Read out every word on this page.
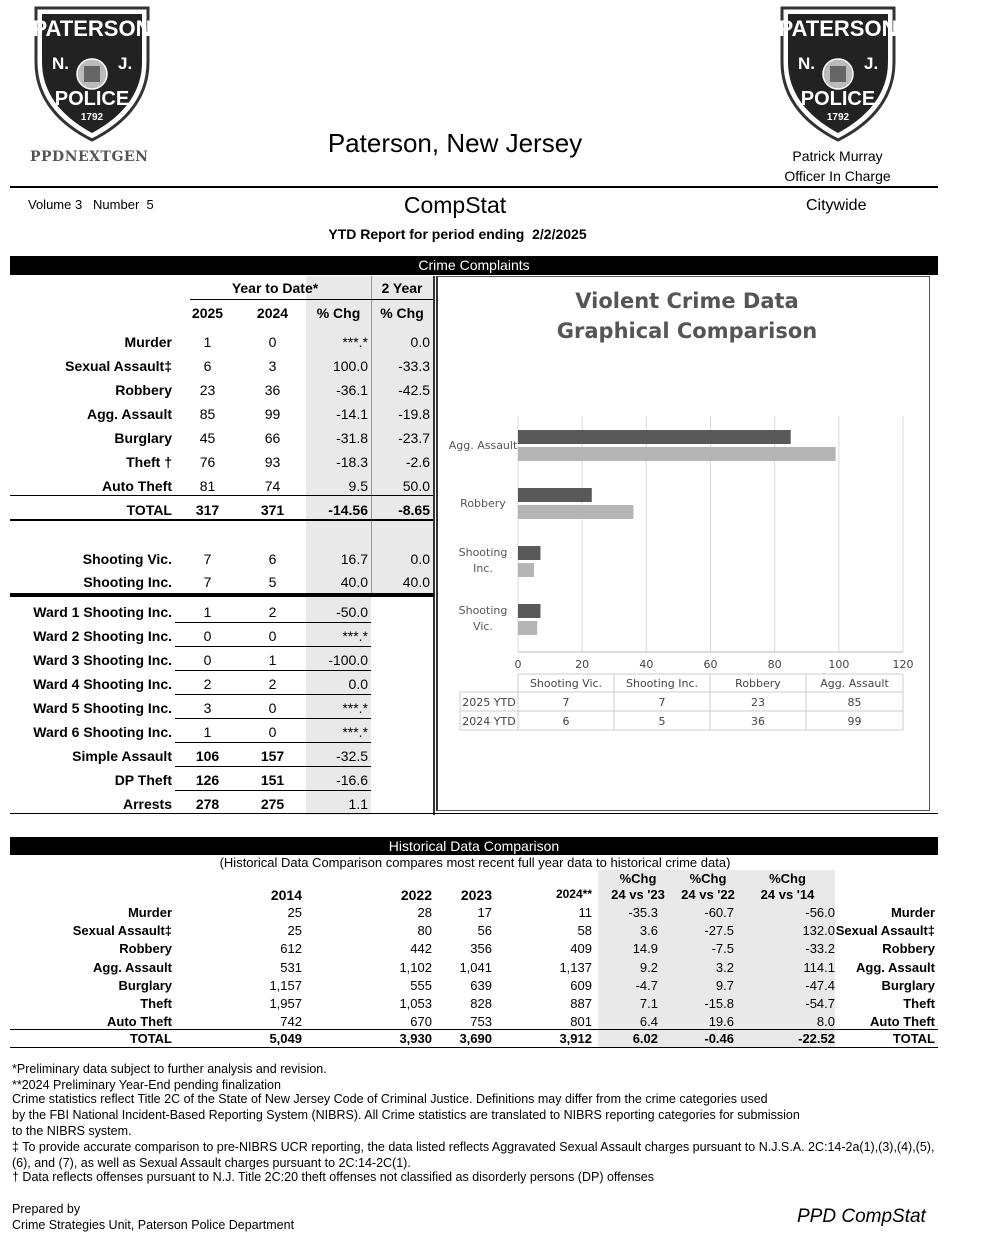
PATERSON
N.	J.
POLICE
1792
PATERSON
N.	J.
POLICE
1792
PPDNEXTGEN	Paterson, New Jersey	Patrick Murray
Officer In Charge
Volume 3   Number  5	CompStat	Citywide
YTD Report for period ending  2/2/2025
Crime Complaints
Year to Date*	2 Year
2025	2024	% Chg	% Chg
Murder	1	0	***.*	0.0
Sexual Assault‡	6	3	100.0	-33.3
Robbery	23	36	-36.1	-42.5
Agg. Assault	85	99	-14.1	-19.8
Burglary	45	66	-31.8	-23.7
Theft †	76	93	-18.3	-2.6
Auto Theft	81	74	9.5	50.0
TOTAL	317	371	-14.56	-8.65
Shooting Vic.	7	6	16.7	0.0
Shooting Inc.	7	5	40.0	40.0
Ward 1 Shooting Inc.	1	2	-50.0
Ward 2 Shooting Inc.	0	0	***.*
Ward 3 Shooting Inc.	0	1	-100.0
Ward 4 Shooting Inc.	2	2	0.0
Ward 5 Shooting Inc.	3	0	***.*
Ward 6 Shooting Inc.	1	0	***.*
Simple Assault	106	157	-32.5
DP Theft	126	151	-16.6
Arrests	278	275	1.1
Violent Crime Data
Graphical Comparison
0	20	40	60	80	100	120
Agg. Assault
Robbery
Shooting
Inc.
Shooting
Vic.
Shooting Vic. Shooting Inc.	Robbery	Agg. Assault
2025 YTD	7	7	23	85
2024 YTD	6	5	36	99
Historical Data Comparison
(Historical Data Comparison compares most recent full year data to historical crime data)
%Chg
24 vs '23
%Chg
24 vs '22
%Chg
24 vs '14
2014	2022	2023	2024**
Murder	25	28	17	11	-35.3	-60.7	-56.0	Murder
Sexual Assault‡	25	80	56	58	3.6	-27.5	132.0 Sexual Assault‡
Robbery	612	442	356	409	14.9	-7.5	-33.2	Robbery
Agg. Assault	531	1,102	1,041	1,137	9.2	3.2	114.1	Agg. Assault
Burglary	1,157	555	639	609	-4.7	9.7	-47.4	Burglary
Theft	1,957	1,053	828	887	7.1	-15.8	-54.7	Theft
Auto Theft	742	670	753	801	6.4	19.6	8.0	Auto Theft
TOTAL	5,049	3,930	3,690	3,912	6.02	-0.46	-22.52	TOTAL
*Preliminary data subject to further analysis and revision.
**2024 Preliminary Year-End pending finalization
Crime statistics reflect Title 2C of the State of New Jersey Code of Criminal Justice. Definitions may differ from the crime categories used
by the FBI National Incident-Based Reporting System (NIBRS). All Crime statistics are translated to NIBRS reporting categories for submission
to the NIBRS system.
‡ To provide accurate comparison to pre-NIBRS UCR reporting, the data listed reflects Aggravated Sexual Assault charges pursuant to N.J.S.A. 2C:14-2a(1),(3),(4),(5),
(6), and (7), as well as Sexual Assault charges pursuant to 2C:14-2C(1).
† Data reflects offenses pursuant to N.J. Title 2C:20 theft offenses not classified as disorderly persons (DP) offenses
Prepared by
Crime Strategies Unit, Paterson Police Department	PPD CompStat
